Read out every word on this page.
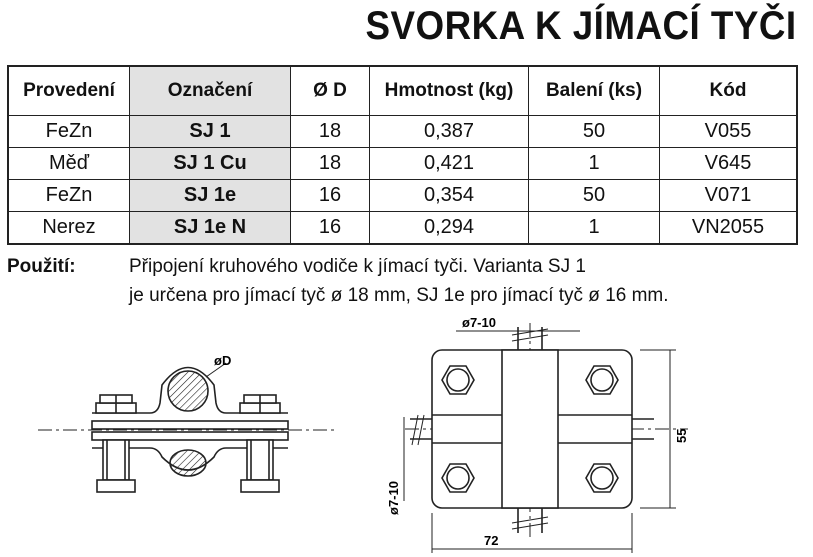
SVORKA K JÍMACÍ TYČI
Provedení	Označení	Ø D	Hmotnost (kg)	Balení (ks)	Kód
FeZn	SJ 1	18	0,387	50	V055
Měď	SJ 1 Cu	18	0,421	1	V645
FeZn	SJ 1e	16	0,354	50	V071
Nerez	SJ 1e N	16	0,294	1	VN2055
Použití:	Připojení kruhového vodiče k jímací tyči. Varianta SJ 1
je určena pro jímací tyč ø 18 mm, SJ 1e pro jímací tyč ø 16 mm.
øD
ø7-10
ø7-10
55
72
